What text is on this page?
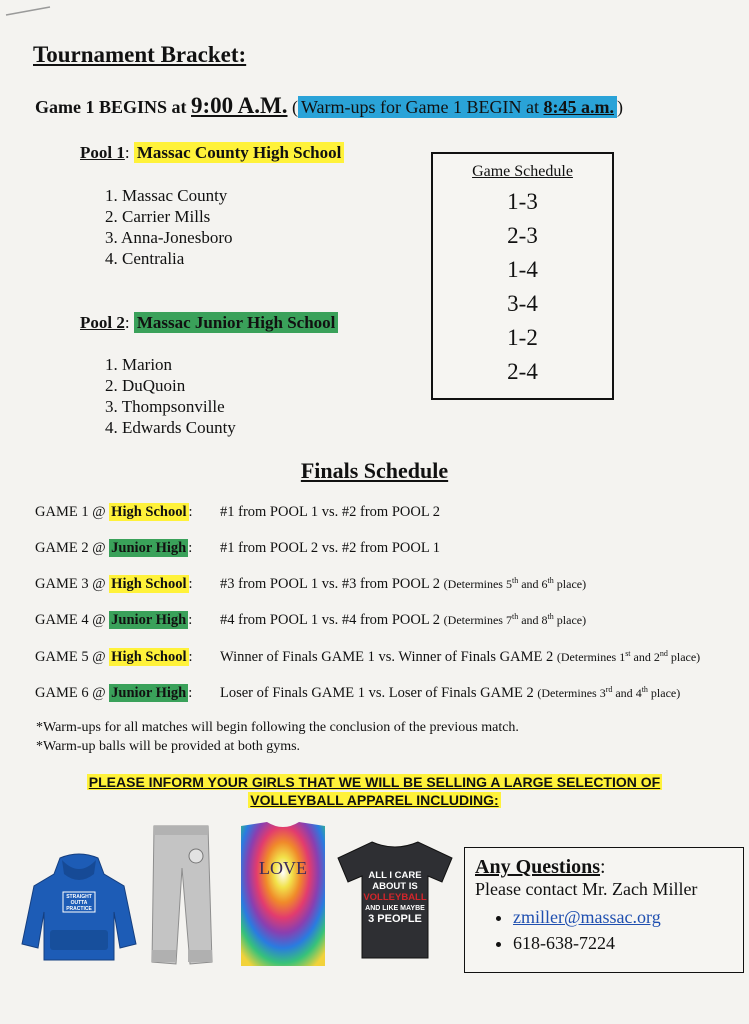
Tournament Bracket:
Game 1 BEGINS at 9:00 A.M. ( Warm-ups for Game 1 BEGIN at 8:45 a.m. )
Pool 1: Massac County High School
1. Massac County
2. Carrier Mills
3. Anna-Jonesboro
4. Centralia
Pool 2: Massac Junior High School
1. Marion
2. DuQuoin
3. Thompsonville
4. Edwards County
Game Schedule
1-3
2-3
1-4
3-4
1-2
2-4
Finals Schedule
GAME 1 @ High School : #1 from POOL 1 vs. #2 from POOL 2
GAME 2 @ Junior High : #1 from POOL 2 vs. #2 from POOL 1
GAME 3 @ High School : #3 from POOL 1 vs. #3 from POOL 2 (Determines 5th and 6th place)
GAME 4 @ Junior High : #4 from POOL 1 vs. #4 from POOL 2 (Determines 7th and 8th place)
GAME 5 @ High School : Winner of Finals GAME 1 vs. Winner of Finals GAME 2 (Determines 1st and 2nd place)
GAME 6 @ Junior High : Loser of Finals GAME 1 vs. Loser of Finals GAME 2 (Determines 3rd and 4th place)
*Warm-ups for all matches will begin following the conclusion of the previous match.
*Warm-up balls will be provided at both gyms.
PLEASE INFORM YOUR GIRLS THAT WE WILL BE SELLING A LARGE SELECTION OF
VOLLEYBALL APPAREL INCLUDING:
STRAIGHT
OUTTA
PRACTICE
LOVE	ALL I CARE
ABOUT IS
VOLLEYBALL
AND LIKE MAYBE
3 PEOPLE
Any Questions:
Please contact Mr. Zach Miller
• zmiller@massac.org
• 618-638-7224
